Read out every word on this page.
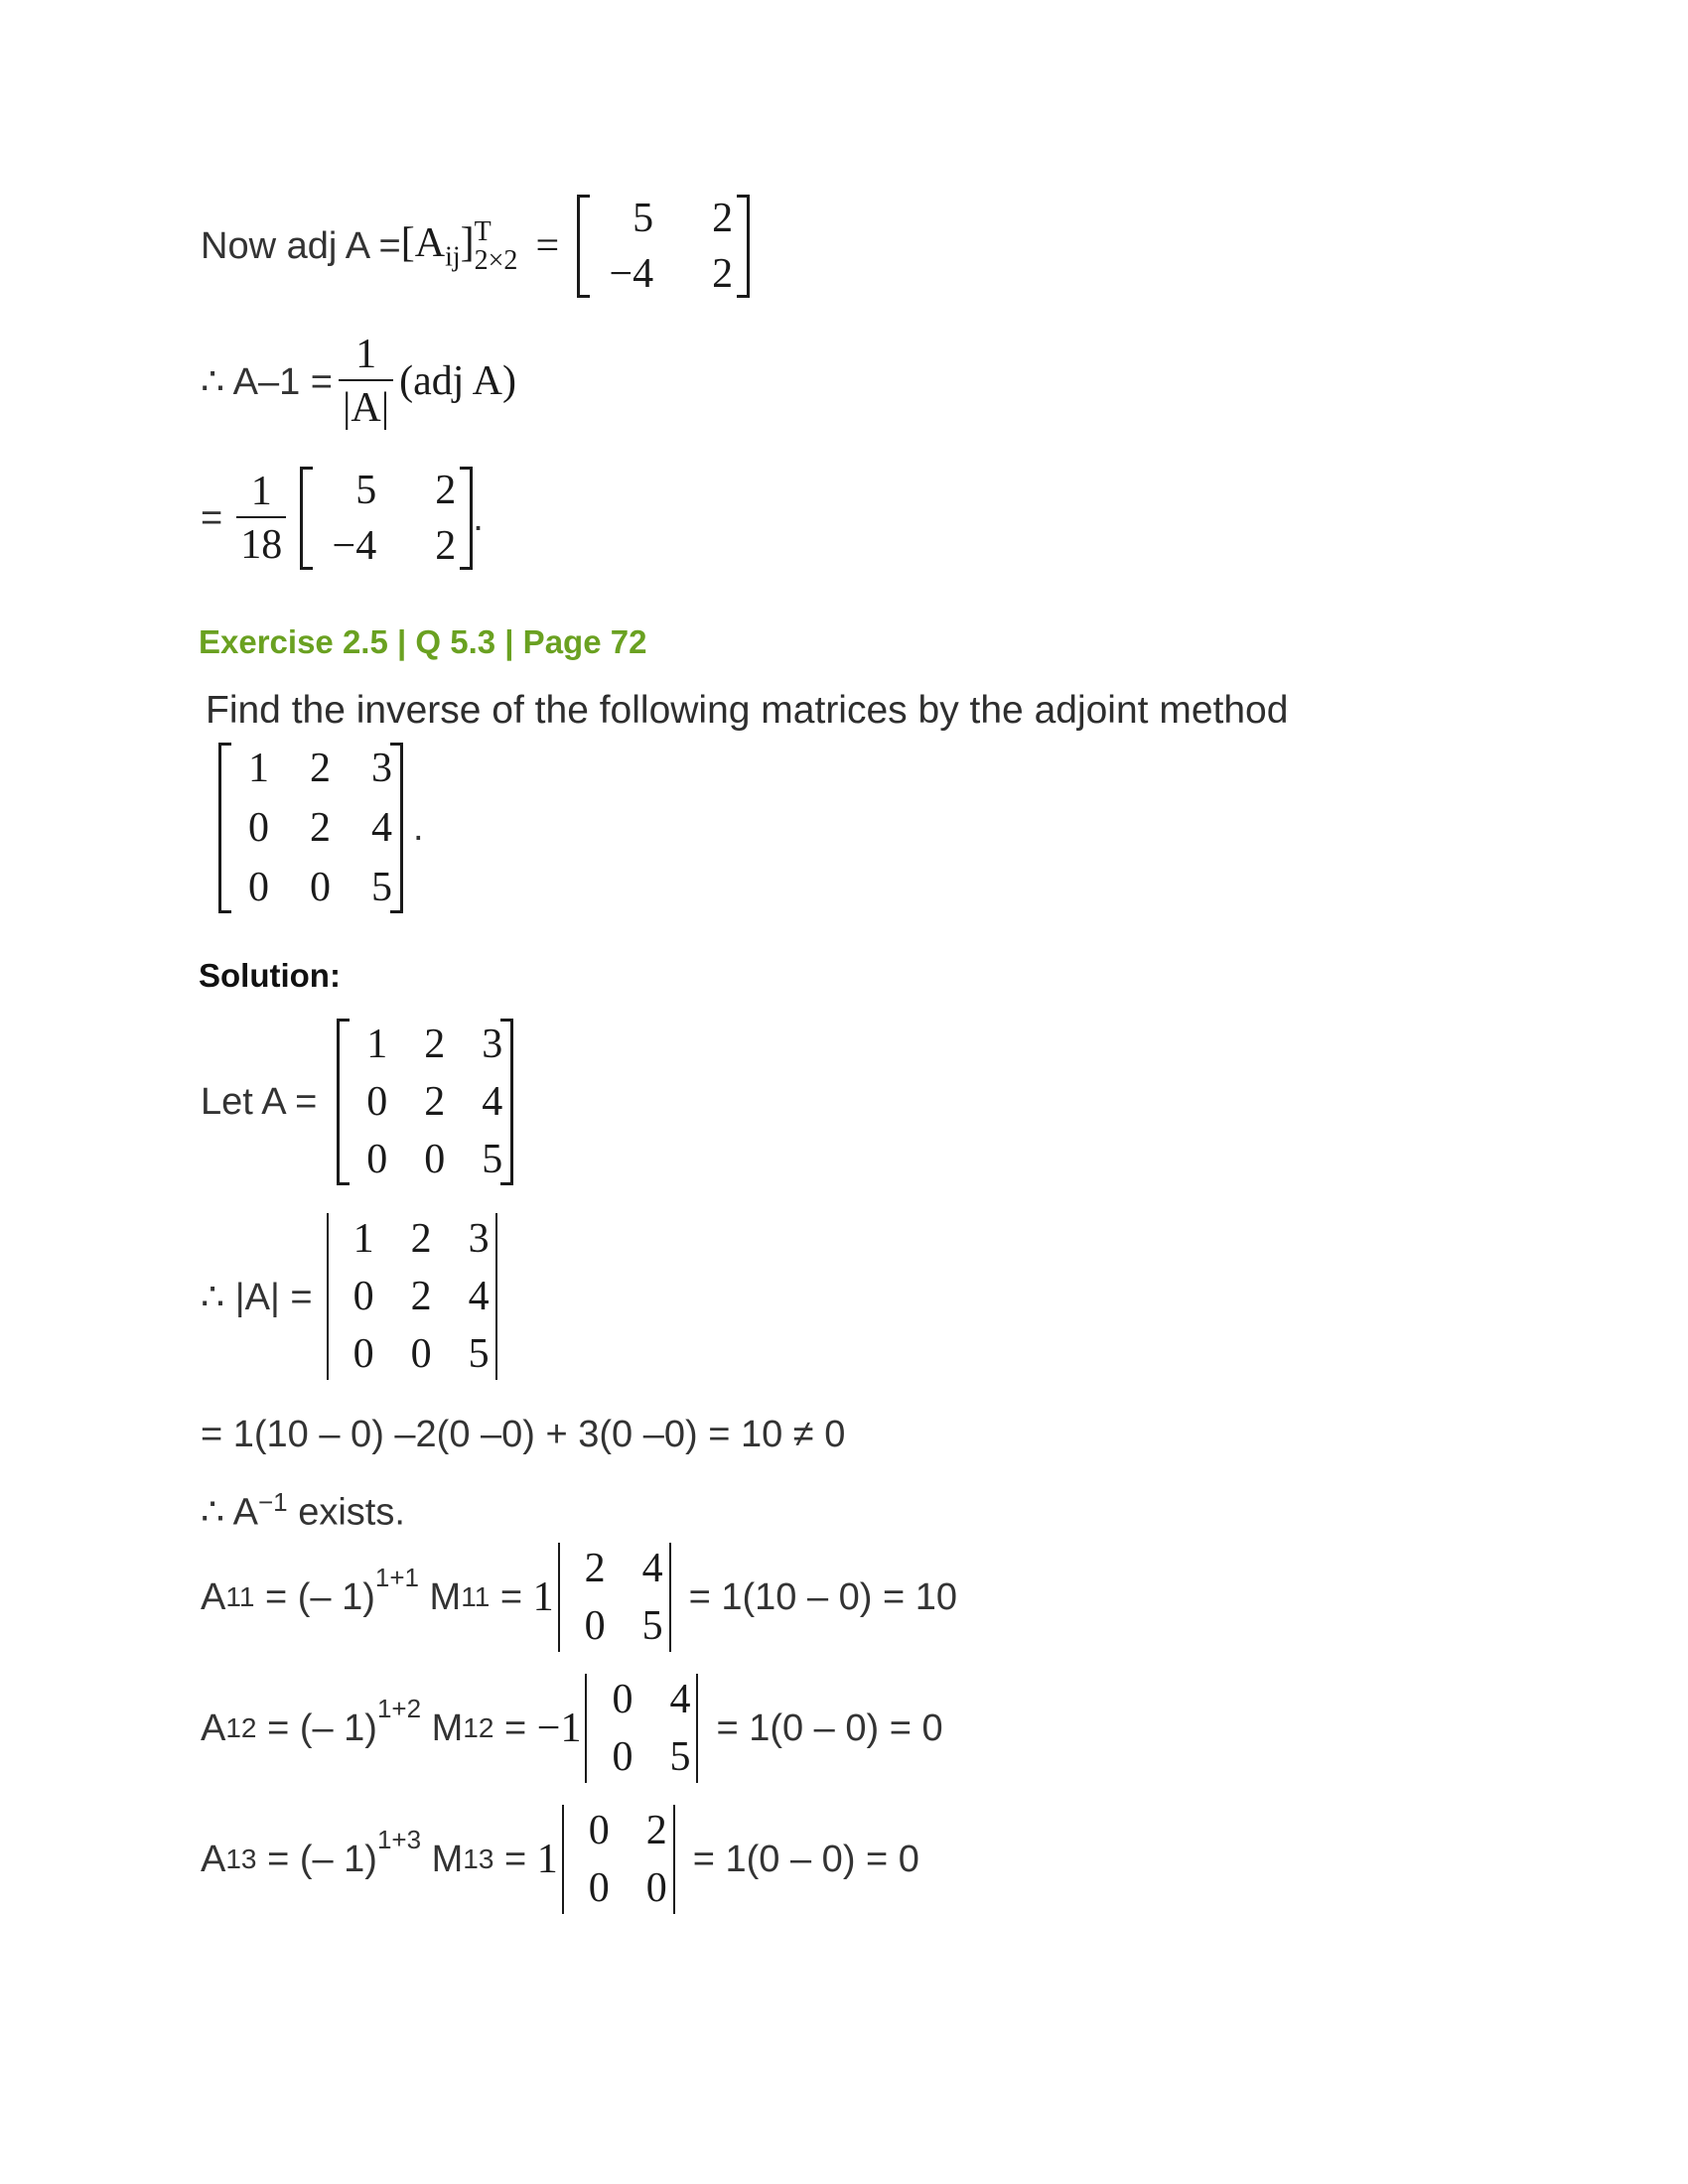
Now adj $A = [A_{ij}]$ T
2×2 =
5	2
−4	2
∴ $A-1 = \frac{1}{|A|} (adj$ A)
= $\frac{1}{18}$	5	2
−4	2
.
Exercise 2.5 | Q 5.3 | Page 72
Find the inverse of the following matrices by the adjoint method
1 2 3
0 2 4
0 0 5
.
Solution:
Let A =
1 2 3
0 2 4
0 0 5
∴ |A| =
1 2 3
0 2 4
0 0 5
= 1(10 – 0) –2(0 –0) + 3(0 –0) = 10 ≠ 0
∴ $A^{-1}$ exists.
A 11 = (– 1)$^{1+1}$ M 11 = 1
2 4
0 5
= 1(10 – 0) = 10
A 12 = (– 1)$^{1+2}$ M 12 = −1
0 4
0 5
= 1(0 – 0) = 0
A 13 = (– 1)$^{1+3}$ M 13 = 1
0 2
0 0
= 1(0 – 0) = 0
